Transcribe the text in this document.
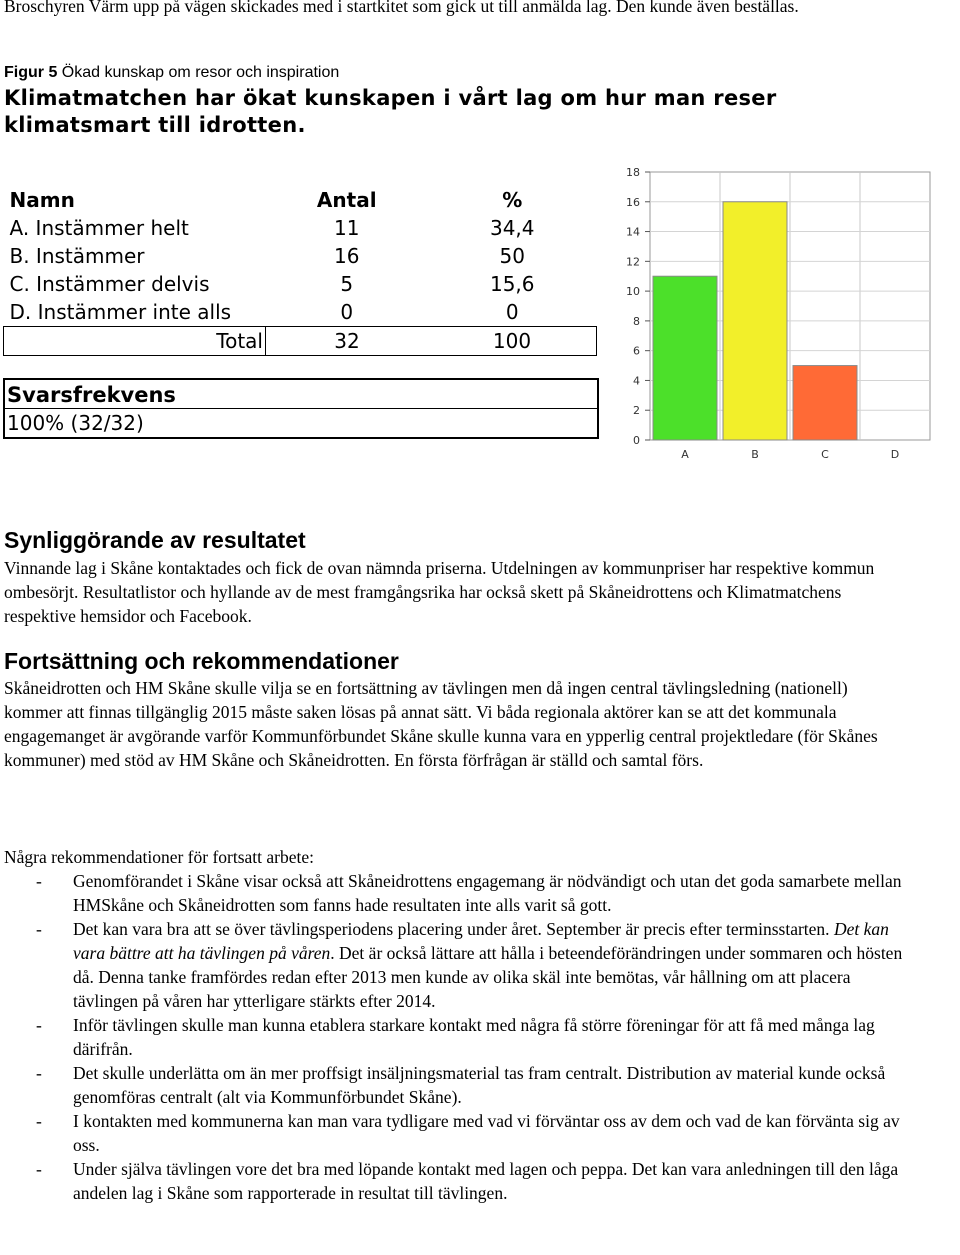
Broschyren Värm upp på vägen skickades med i startkitet som gick ut till anmälda lag. Den kunde även beställas.
Figur 5 Ökad kunskap om resor och inspiration
Klimatmatchen har ökat kunskapen i vårt lag om hur man reser klimatsmart till idrotten.
Namn	Antal	%
A. Instämmer helt	11	34,4
B. Instämmer	16	50
C. Instämmer delvis	5	15,6
D. Instämmer inte alls	0	0
Total	32	100
Svarsfrekvens
100% (32/32)
0
2
4
6
8
10
12
14
16
18
A	B	C	D
Synliggörande av resultatet
Vinnande lag i Skåne kontaktades och fick de ovan nämnda priserna. Utdelningen av kommunpriser har respektive kommun ombesörjt. Resultatlistor och hyllande av de mest framgångsrika har också skett på Skåneidrottens och Klimatmatchens respektive hemsidor och Facebook.
Fortsättning och rekommendationer
Skåneidrotten och HM Skåne skulle vilja se en fortsättning av tävlingen men då ingen central tävlingsledning (nationell) kommer att finnas tillgänglig 2015 måste saken lösas på annat sätt. Vi båda regionala aktörer kan se att det kommunala engagemanget är avgörande varför Kommunförbundet Skåne skulle kunna vara en ypperlig central projektledare (för Skånes kommuner) med stöd av HM Skåne och Skåneidrotten. En första förfrågan är ställd och samtal förs.
Några rekommendationer för fortsatt arbete:
- Genomförandet i Skåne visar också att Skåneidrottens engagemang är nödvändigt och utan det goda samarbete mellan HMSkåne och Skåneidrotten som fanns hade resultaten inte alls varit så gott.
- Det kan vara bra att se över tävlingsperiodens placering under året. September är precis efter terminsstarten. Det kan vara bättre att ha tävlingen på våren. Det är också lättare att hålla i beteendeförändringen under sommaren och hösten då. Denna tanke framfördes redan efter 2013 men kunde av olika skäl inte bemötas, vår hållning om att placera tävlingen på våren har ytterligare stärkts efter 2014.
- Inför tävlingen skulle man kunna etablera starkare kontakt med några få större föreningar för att få med många lag därifrån.
- Det skulle underlätta om än mer proffsigt insäljningsmaterial tas fram centralt. Distribution av material kunde också genomföras centralt (alt via Kommunförbundet Skåne).
- I kontakten med kommunerna kan man vara tydligare med vad vi förväntar oss av dem och vad de kan förvänta sig av oss.
- Under själva tävlingen vore det bra med löpande kontakt med lagen och peppa. Det kan vara anledningen till den låga andelen lag i Skåne som rapporterade in resultat till tävlingen.
